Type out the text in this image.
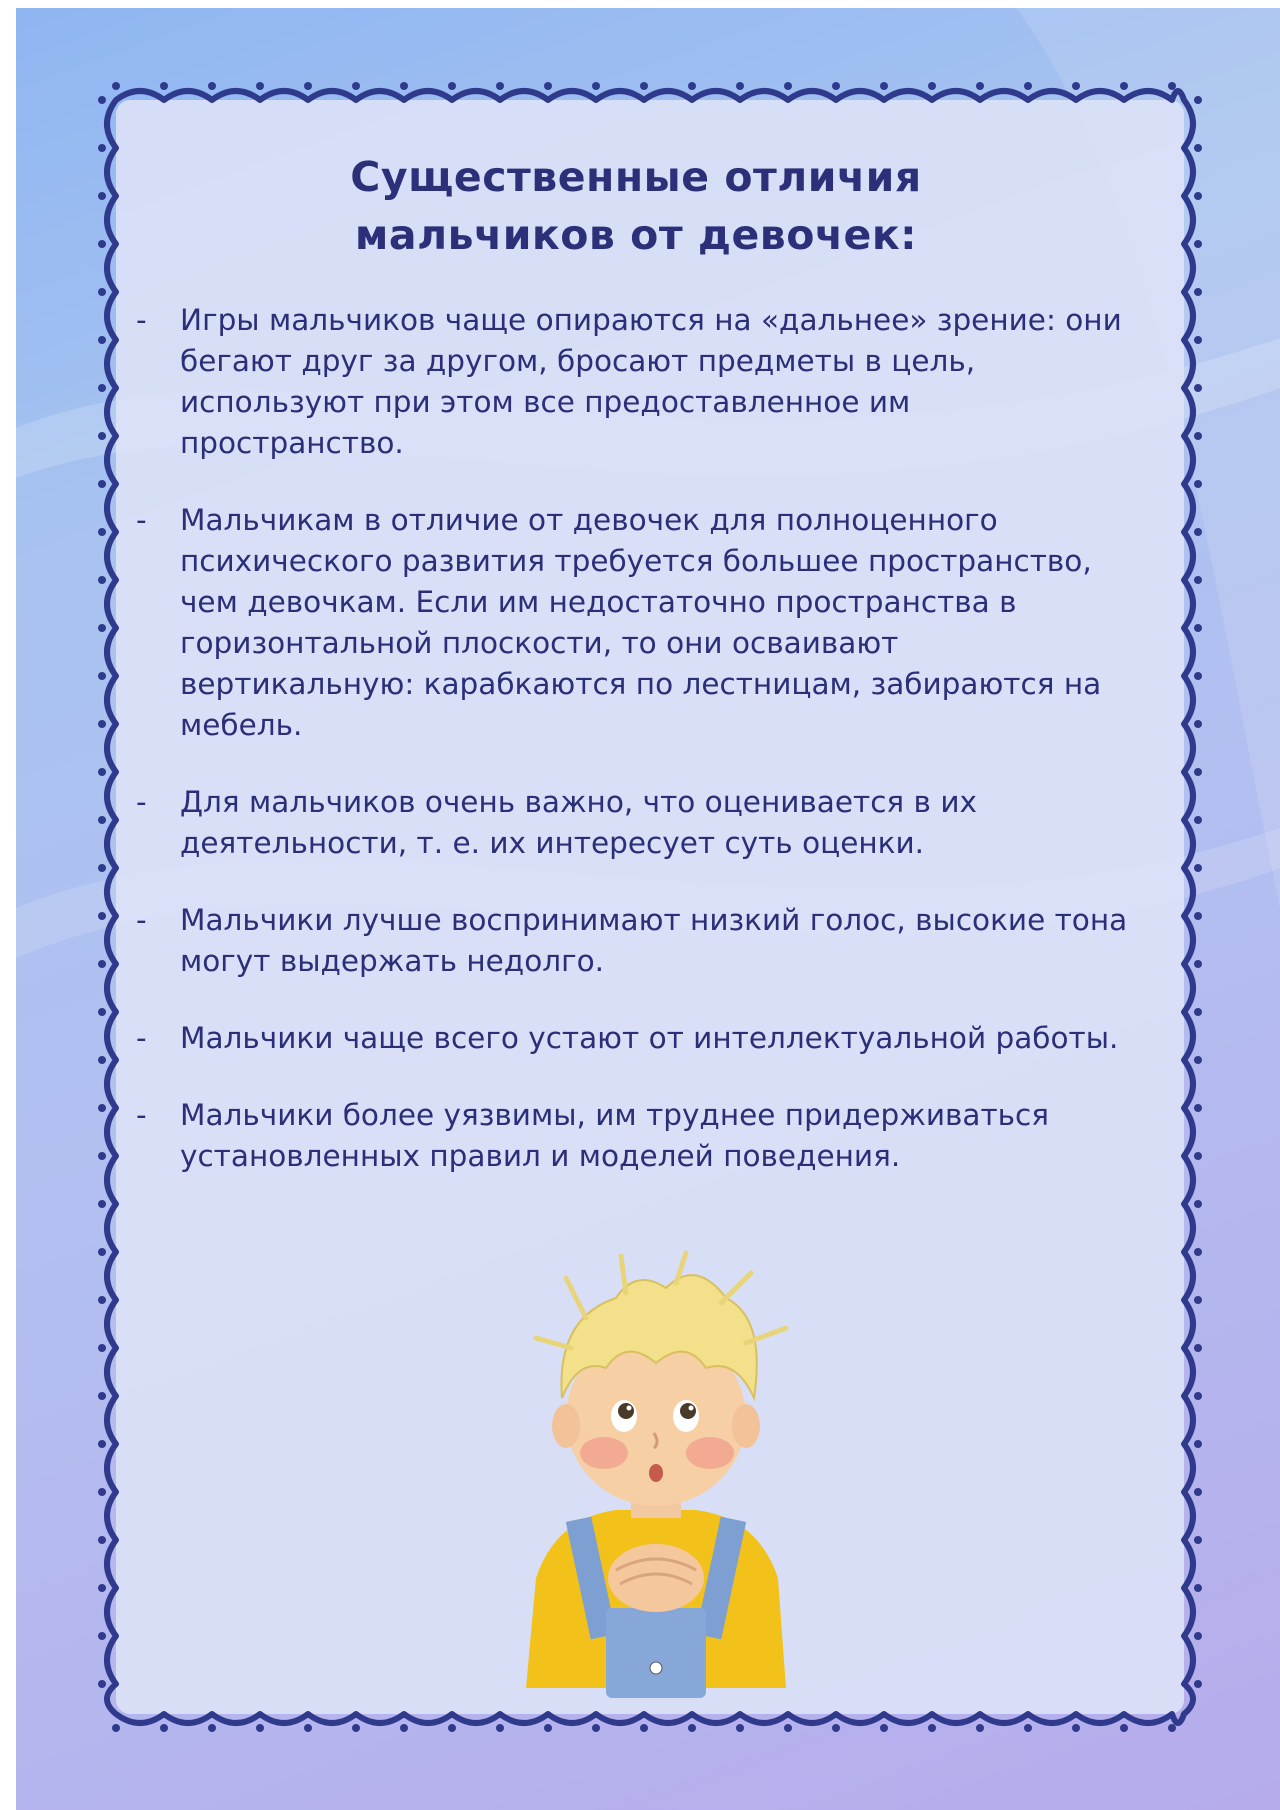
Существенные отличия
мальчиков от девочек:
- Игры мальчиков чаще опираются на «дальнее» зрение: они бегают друг за другом, бросают предметы в цель, используют при этом все предоставленное им пространство.
- Мальчикам в отличие от девочек для полноценного психического развития требуется большее пространство, чем девочкам. Если им недостаточно пространства в горизонтальной плоскости, то они осваивают вертикальную: карабкаются по лестницам, забираются на мебель.
- Для мальчиков очень важно, что оценивается в их деятельности, т. е. их интересует суть оценки.
- Мальчики лучше воспринимают низкий голос, высокие тона могут выдержать недолго.
- Мальчики чаще всего устают от интеллектуальной работы.
- Мальчики более уязвимы, им труднее придерживаться установленных правил и моделей поведения.
